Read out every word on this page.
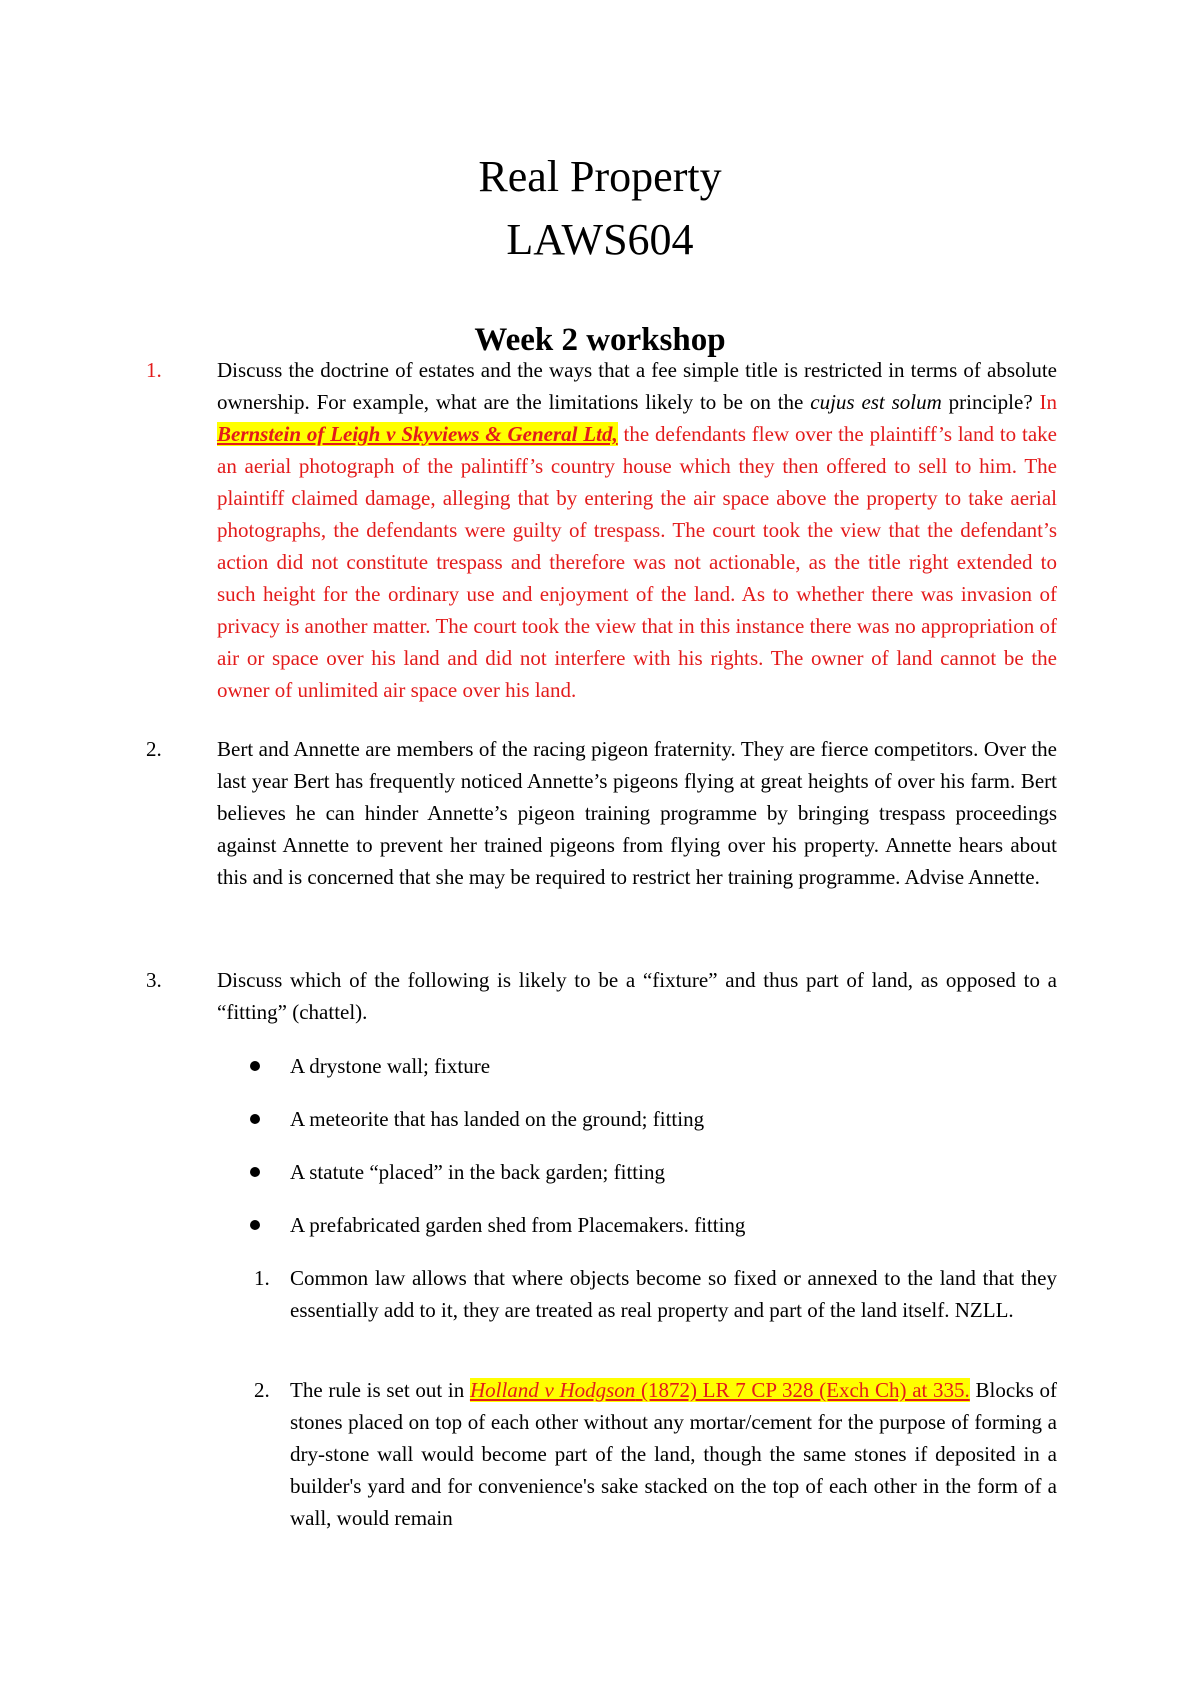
Real Property
LAWS604
Week 2 workshop
1.	Discuss the doctrine of estates and the ways that a fee simple title is restricted in terms of absolute ownership. For example, what are the limitations likely to be on the cujus est solum principle? In Bernstein of Leigh v Skyviews & General Ltd, the defendants flew over the plaintiff’s land to take an aerial photograph of the palintiff’s country house which they then offered to sell to him. The plaintiff claimed damage, alleging that by entering the air space above the property to take aerial photographs, the defendants were guilty of trespass. The court took the view that the defendant’s action did not constitute trespass and therefore was not actionable, as the title right extended to such height for the ordinary use and enjoyment of the land. As to whether there was invasion of privacy is another matter. The court took the view that in this instance there was no appropriation of air or space over his land and did not interfere with his rights. The owner of land cannot be the owner of unlimited air space over his land.
2.	Bert and Annette are members of the racing pigeon fraternity. They are fierce competitors. Over the last year Bert has frequently noticed Annette’s pigeons flying at great heights of over his farm. Bert believes he can hinder Annette’s pigeon training programme by bringing trespass proceedings against Annette to prevent her trained pigeons from flying over his property. Annette hears about this and is concerned that she may be required to restrict her training programme. Advise Annette.
3.	Discuss which of the following is likely to be a “fixture” and thus part of land, as opposed to a “fitting” (chattel).
A drystone wall; fixture
A meteorite that has landed on the ground; fitting
A statute “placed” in the back garden; fitting
A prefabricated garden shed from Placemakers. fitting
1. Common law allows that where objects become so fixed or annexed to the land that they essentially add to it, they are treated as real property and part of the land itself. NZLL.
2. The rule is set out in Holland v Hodgson (1872) LR 7 CP 328 (Exch Ch) at 335. Blocks of stones placed on top of each other without any mortar/cement for the purpose of forming a dry-stone wall would become part of the land, though the same stones if deposited in a builder's yard and for convenience's sake stacked on the top of each other in the form of a wall, would remain
